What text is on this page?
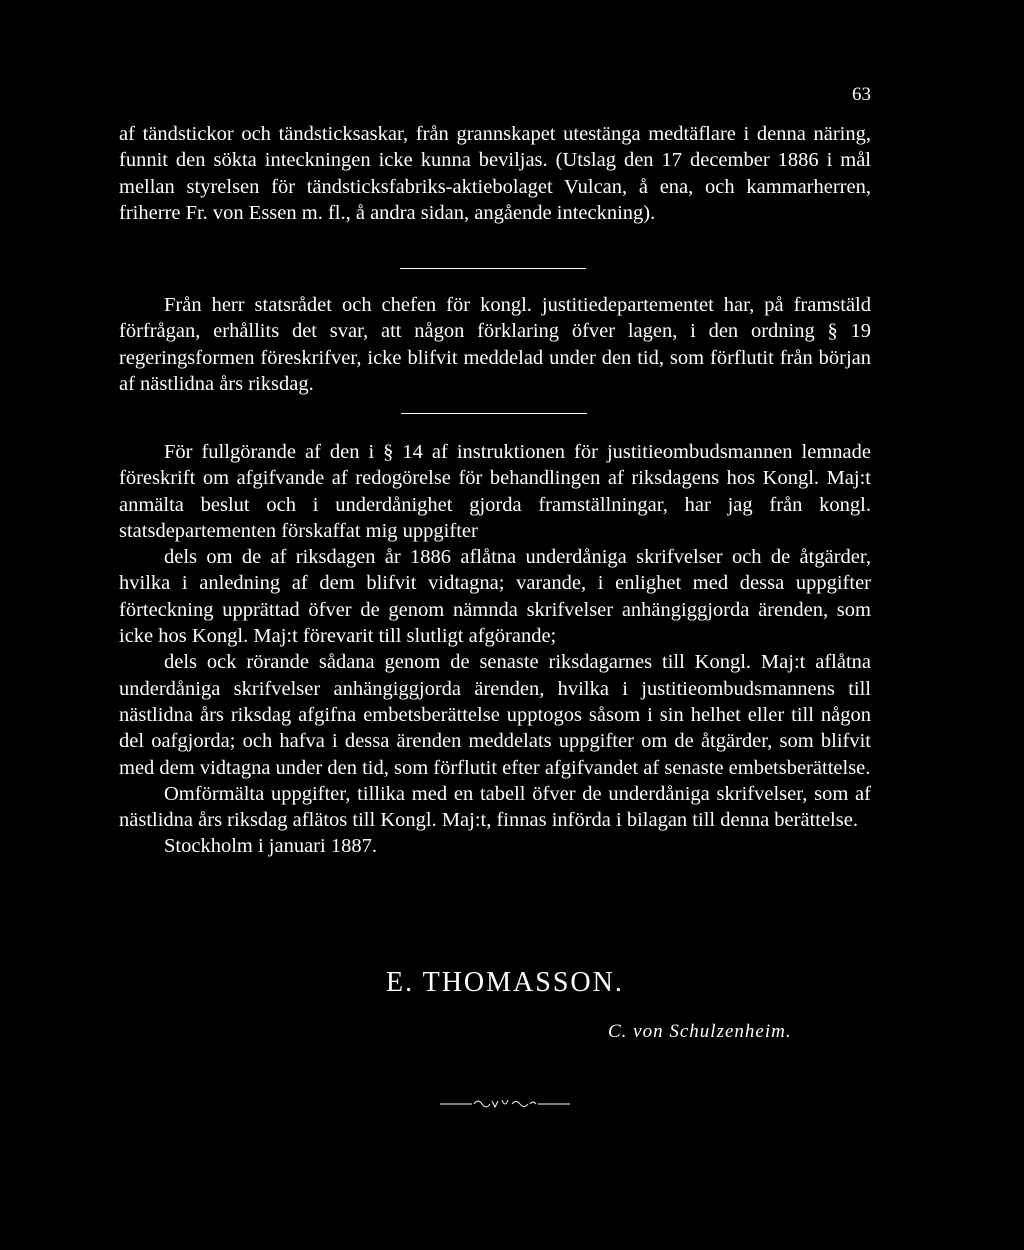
63

af tändstickor och tändsticksaskar, från grannskapet utestänga medtäflare i denna näring, funnit den sökta inteckningen icke kunna beviljas. (Utslag den 17 december 1886 i mål mellan styrelsen för tändsticksfabriks-aktiebolaget Vulcan, å ena, och kammarherren, friherre Fr. von Essen m. fl., å andra sidan, angående inteckning).

Från herr statsrådet och chefen för kongl. justitiedepartementet har, på framstäld förfrågan, erhållits det svar, att någon förklaring öfver lagen, i den ordning § 19 regeringsformen föreskrifver, icke blifvit meddelad under den tid, som förflutit från början af nästlidna års riksdag.

För fullgörande af den i § 14 af instruktionen för justitieombudsmannen lemnade föreskrift om afgifvande af redogörelse för behandlingen af riksdagens hos Kongl. Maj:t anmälta beslut och i underdånighet gjorda framställningar, har jag från kongl. statsdepartementen förskaffat mig uppgifter

dels om de af riksdagen år 1886 aflåtna underdåniga skrifvelser och de åtgärder, hvilka i anledning af dem blifvit vidtagna; varande, i enlighet med dessa uppgifter förteckning upprättad öfver de genom nämnda skrifvelser anhängiggjorda ärenden, som icke hos Kongl. Maj:t förevarit till slutligt afgörande;

dels ock rörande sådana genom de senaste riksdagarnes till Kongl. Maj:t aflåtna underdåniga skrifvelser anhängiggjorda ärenden, hvilka i justitieombudsmannens till nästlidna års riksdag afgifna embetsberättelse upptogos såsom i sin helhet eller till någon del oafgjorda; och hafva i dessa ärenden meddelats uppgifter om de åtgärder, som blifvit med dem vidtagna under den tid, som förflutit efter afgifvandet af senaste embetsberättelse.

Omförmälta uppgifter, tillika med en tabell öfver de underdåniga skrifvelser, som af nästlidna års riksdag aflätos till Kongl. Maj:t, finnas införda i bilagan till denna berättelse.

Stockholm i januari 1887.

E. THOMASSON.
C. von Schulzenheim.
